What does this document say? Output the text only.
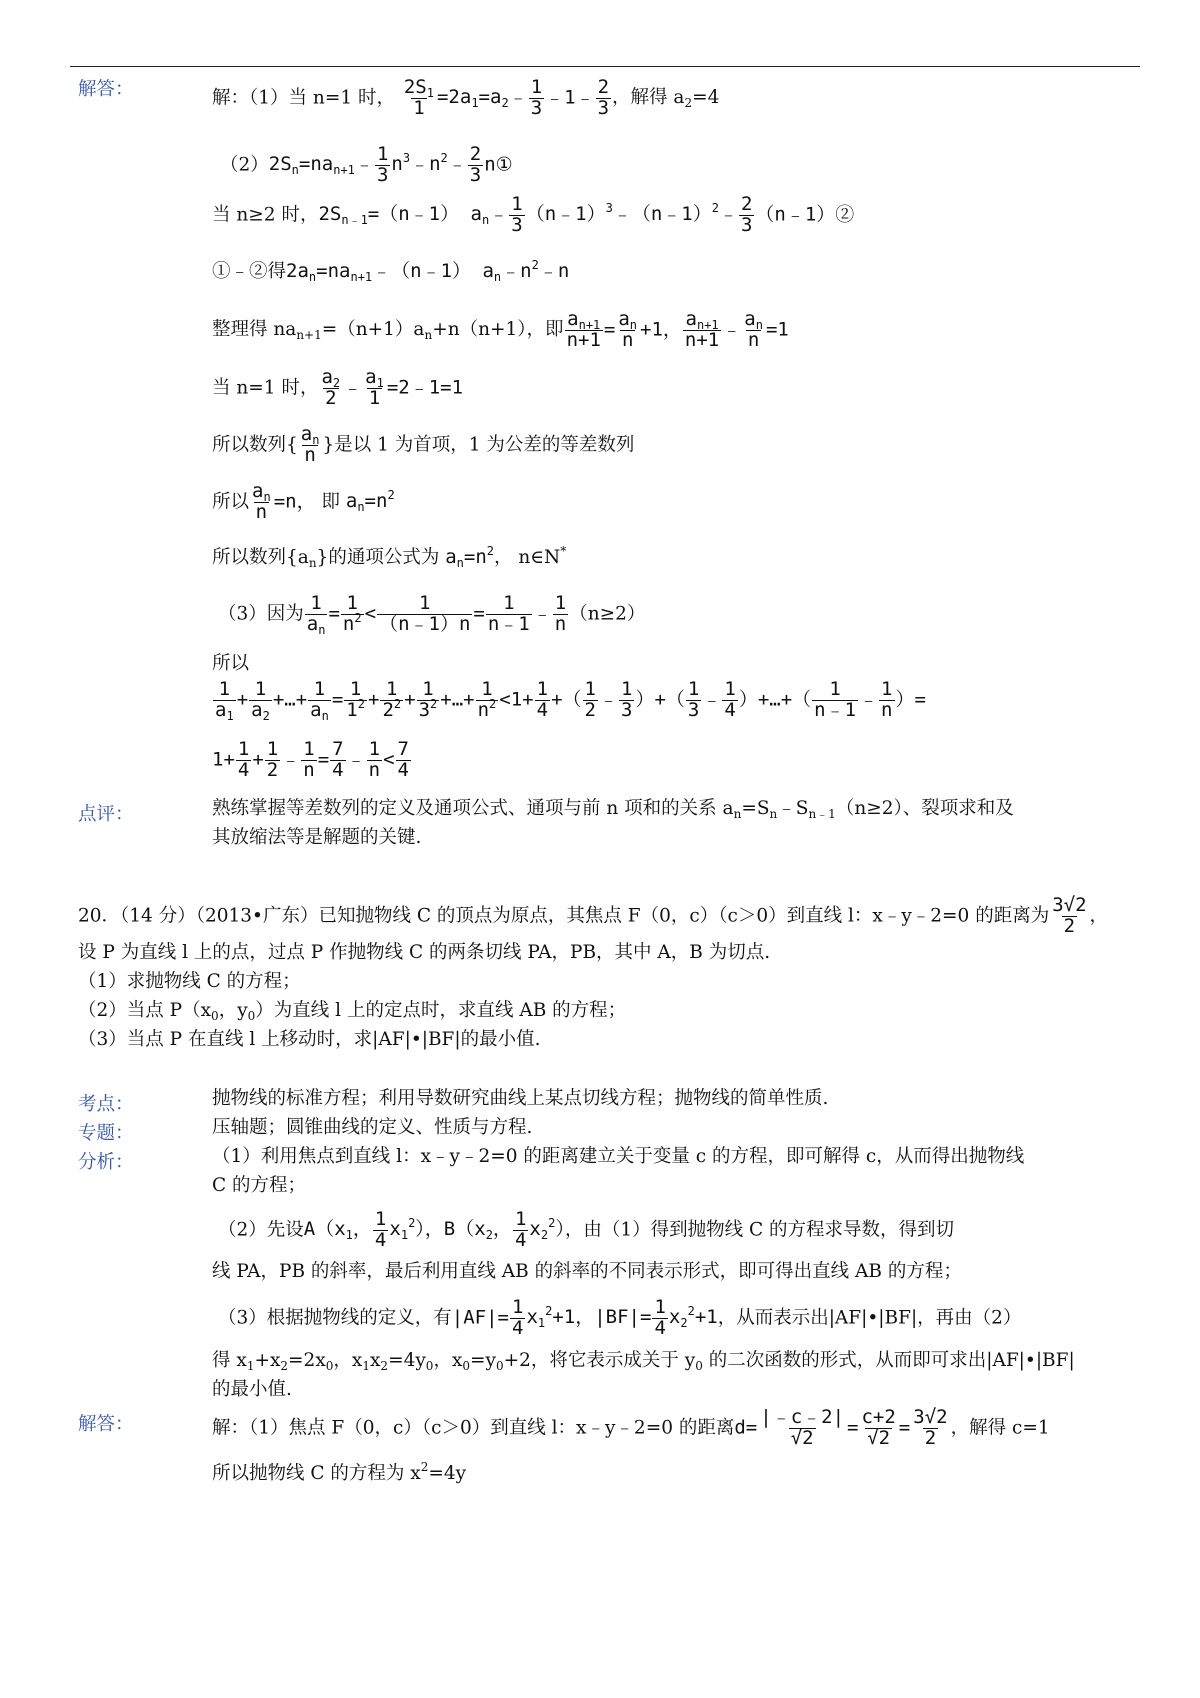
解答：	解：（1）当 n=1 时， $\frac{2S_1}{1}$ $=2a_1=a_2﹣ \frac{1}{3}$ ﹣1﹣ $\frac{2}{3}$ ，解得 $a_2=4$
$(2)2S_n=na_{n+1}﹣ \frac{1}{3}$ $n^3﹣n^2﹣ \frac{2}{3}$ n①
当 n≥2 时，$2S_{n﹣1}=(n﹣1)$ $a_n﹣ \frac{1}{3}$ （n﹣1）$^3$﹣（n﹣1）$^2$﹣ $\frac{2}{3}$ （n﹣1）②
①﹣②得$2a_n=na_{n+1}﹣(n﹣1)$ $a_n﹣n^2﹣n$
整理得 $na_{n+1}=(n+1)a_n+n(n+1)$，即 $\frac{a_{n+1}}{n+1} = \frac{a_n}{n} +1$， $\frac{a_{n+1}}{n+1}$ ﹣ $\frac{a_n}{n} =1$
当 n=1 时， $\frac{a_2}{2}$ ﹣ $\frac{a_1}{1}$ =2﹣1=1
所以数列{ $\frac{a_n}{n}$ }是以 1 为首项，1 为公差的等差数列
所以 $\frac{a_n}{n} =n$， 即 $a_n=n^2$
所以数列$\{a_n\}$的通项公式为 $a_n=n^2$， n∈N*
（3）因为 $\frac{1}{a_n} = \frac{1}{n^2} < \frac{1}{(n﹣1)n} = \frac{1}{n﹣1}$ ﹣ $\frac{1}{n} (n\ge 2)$
所以
$\frac{1}{a_1} + \frac{1}{a_2}$ +…+ $\frac{1}{a_n} = \frac{1}{1^2} + \frac{1}{2^2} + \frac{1}{3^2}$ +…+ $\frac{1}{n^2} <1+ \frac{1}{4}$ +（ $\frac{1}{2}$ ﹣ $\frac{1}{3}$ ）+（ $\frac{1}{3}$ ﹣ $\frac{1}{4}$ ）+…+（ $\frac{1}{n﹣1}$ ﹣ $\frac{1}{n}$ ）=
$1+ \frac{1}{4} + \frac{1}{2}$ ﹣ $\frac{1}{n} = \frac{7}{4}$ ﹣ $\frac{1}{n} < \frac{7}{4}$
点评：	熟练掌握等差数列的定义及通项公式、通项与前 n 项和的关系 $a_n=S_n﹣S_{n﹣1}(n\ge 2)$、裂项求和及
其放缩法等是解题的关键.
20．（14 分）（2013•广东）已知抛物线 C 的顶点为原点，其焦点 F（0，c）（c＞0）到直线 l：x﹣y﹣2=0 的距离为 $\frac{3√2}{2}$ ，
设 P 为直线 l 上的点，过点 P 作抛物线 C 的两条切线 PA，PB，其中 A，B 为切点.
（1）求抛物线 C 的方程；
（2）当点 $P(x_0$，$y_0$）为直线 l 上的定点时，求直线 AB 的方程；
（3）当点 P 在直线 l 上移动时，求|AF|•|BF|的最小值.
考点：	抛物线的标准方程；利用导数研究曲线上某点切线方程；抛物线的简单性质.
专题：	压轴题；圆锥曲线的定义、性质与方程.
分析：	（1）利用焦点到直线 l：x﹣y﹣2=0 的距离建立关于变量 c 的方程，即可解得 c，从而得出抛物线
C 的方程；
（2）先设$A(x_1$， $\frac{1}{4} x_1^2$），$B(x_2$， $\frac{1}{4} x_2^2$），由（1）得到抛物线 C 的方程求导数，得到切
线 PA，PB 的斜率，最后利用直线 AB 的斜率的不同表示形式，即可得出直线 AB 的方程；
（3）根据抛物线的定义，有$|AF|= \frac{1}{4} x_1^2+1$，$|BF|= \frac{1}{4} x_2^2+1$，从而表示出|AF|•|BF|，再由（2）
得 $x_1+x_2=2x_0$，$x_1x_2=4y_0$，$x_0=y_0+2$，将它表示成关于 $y_0$ 的二次函数的形式，从而即可求出|AF|•|BF|
的最小值.
解答：	解：（1）焦点 F（0，c）（c＞0）到直线 l：x﹣y﹣2=0 的距离$d= \frac{|﹣c﹣2|}{√2} = \frac{c+2}{√2} = \frac{3√2}{2}$ ，解得 c=1
所以抛物线 C 的方程为 $x^2=4y$
